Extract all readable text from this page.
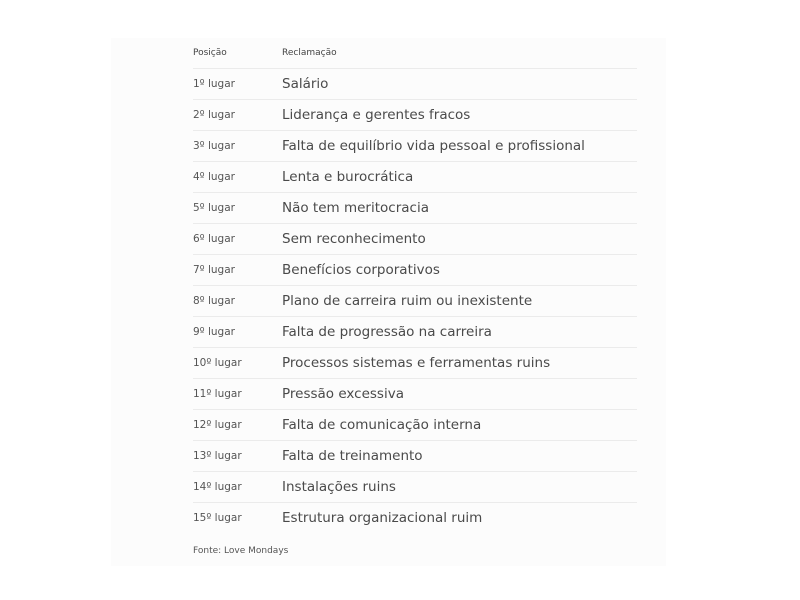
Posição	Reclamação
1º lugar	Salário
2º lugar	Liderança e gerentes fracos
3º lugar	Falta de equilíbrio vida pessoal e profissional
4º lugar	Lenta e burocrática
5º lugar	Não tem meritocracia
6º lugar	Sem reconhecimento
7º lugar	Benefícios corporativos
8º lugar	Plano de carreira ruim ou inexistente
9º lugar	Falta de progressão na carreira
10º lugar	Processos sistemas e ferramentas ruins
11º lugar	Pressão excessiva
12º lugar	Falta de comunicação interna
13º lugar	Falta de treinamento
14º lugar	Instalações ruins
15º lugar	Estrutura organizacional ruim
Fonte: Love Mondays
